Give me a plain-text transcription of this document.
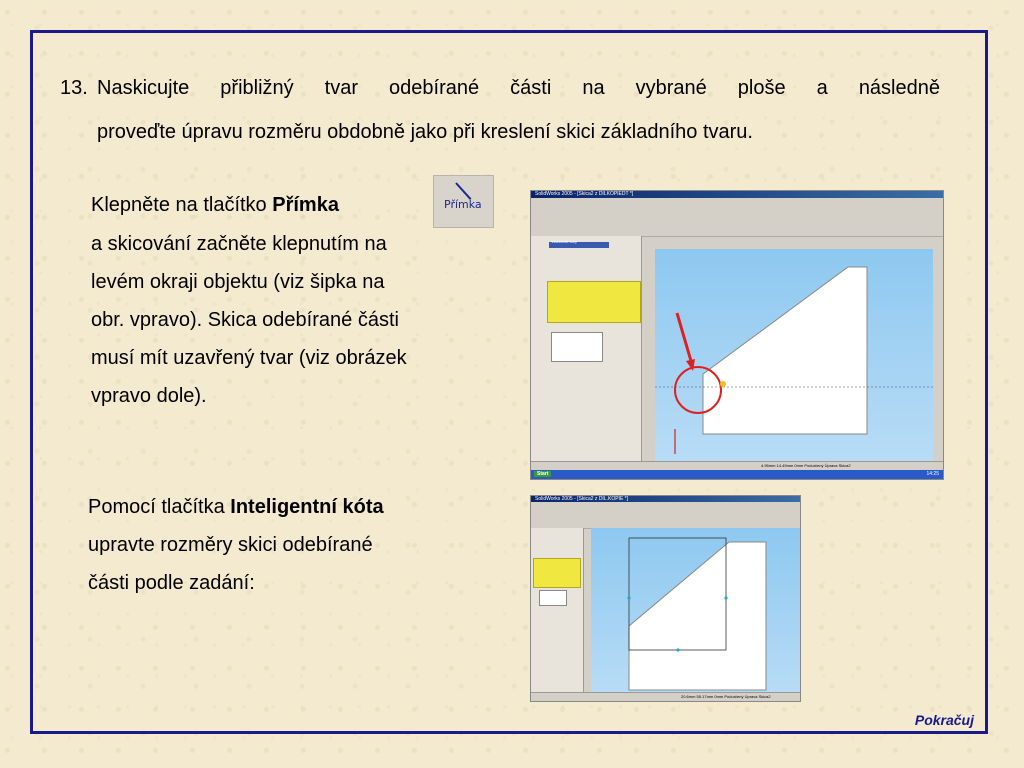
13. Naskicujte přibližný tvar odebírané části na vybrané ploše a následně
proveďte úpravu rozměru obdobně jako při kreslení skici základního tvaru.
Klepněte na tlačítko Přímka
a skicování začněte klepnutím na
levém okraji objektu (viz šipka na
obr. vpravo). Skica odebírané části
musí mít uzavřený tvar (viz obrázek
vpravo dole).
Přímka
Pomocí tlačítka Inteligentní kóta
upravte rozměry skici odebírané
části podle zadání:
SolidWorks 2005 - [Skica2 z DÍLKOPIEDT *]
Vlastnosti čáry
4.95mm 14.49mm 0mm Podurčený Úprava Skica2
Start	14:25
SolidWorks 2005 - [Skica2 z DÍL.KOPIE *]
20.6mm 55.17mm 0mm Podurčený Úprava Skica2
Pokračuj
